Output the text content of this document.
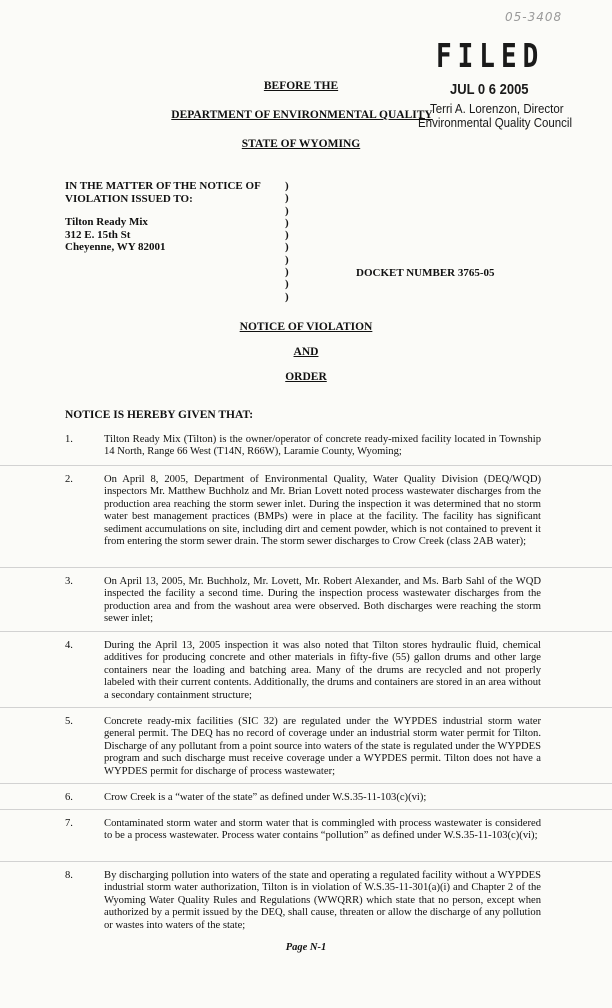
05-3408
FILED
JUL 0 6 2005
Terri A. Lorenzon, Director
Environmental Quality Council
BEFORE THE
DEPARTMENT OF ENVIRONMENTAL QUALITY
STATE OF WYOMING
IN THE MATTER OF THE NOTICE OF
VIOLATION ISSUED TO:
Tilton Ready Mix
312 E. 15th St
Cheyenne, WY 82001
)
)
)
)
)
)
)
)
)
)
DOCKET NUMBER 3765-05
NOTICE OF VIOLATION
AND
ORDER
NOTICE IS HEREBY GIVEN THAT:
1.	Tilton Ready Mix (Tilton) is the owner/operator of concrete ready-mixed facility located in Township 14 North, Range 66 West (T14N, R66W), Laramie County, Wyoming;
2.	On April 8, 2005, Department of Environmental Quality, Water Quality Division (DEQ/WQD) inspectors Mr. Matthew Buchholz and Mr. Brian Lovett noted process wastewater discharges from the production area reaching the storm sewer inlet. During the inspection it was determined that no storm water best management practices (BMPs) were in place at the facility. The facility has significant sediment accumulations on site, including dirt and cement powder, which is not contained to prevent it from entering the storm sewer drain. The storm sewer discharges to Crow Creek (class 2AB water);
3.	On April 13, 2005, Mr. Buchholz, Mr. Lovett, Mr. Robert Alexander, and Ms. Barb Sahl of the WQD inspected the facility a second time. During the inspection process wastewater discharges from the production area and from the washout area were observed. Both discharges were reaching the storm sewer inlet;
4.	During the April 13, 2005 inspection it was also noted that Tilton stores hydraulic fluid, chemical additives for producing concrete and other materials in fifty-five (55) gallon drums and other large containers near the loading and batching area. Many of the drums are recycled and not properly labeled with their current contents. Additionally, the drums and containers are stored in an area without a secondary containment structure;
5.	Concrete ready-mix facilities (SIC 32) are regulated under the WYPDES industrial storm water general permit. The DEQ has no record of coverage under an industrial storm water permit for Tilton. Discharge of any pollutant from a point source into waters of the state is regulated under the WYPDES program and such discharge must receive coverage under a WYPDES permit. Tilton does not have a WYPDES permit for discharge of process wastewater;
6.	Crow Creek is a “water of the state” as defined under W.S.35-11-103(c)(vi);
7.	Contaminated storm water and storm water that is commingled with process wastewater is considered to be a process wastewater. Process water contains “pollution” as defined under W.S.35-11-103(c)(vi);
8.	By discharging pollution into waters of the state and operating a regulated facility without a WYPDES industrial storm water authorization, Tilton is in violation of W.S.35-11-301(a)(i) and Chapter 2 of the Wyoming Water Quality Rules and Regulations (WWQRR) which state that no person, except when authorized by a permit issued by the DEQ, shall cause, threaten or allow the discharge of any pollution or wastes into waters of the state;
Page N-1
